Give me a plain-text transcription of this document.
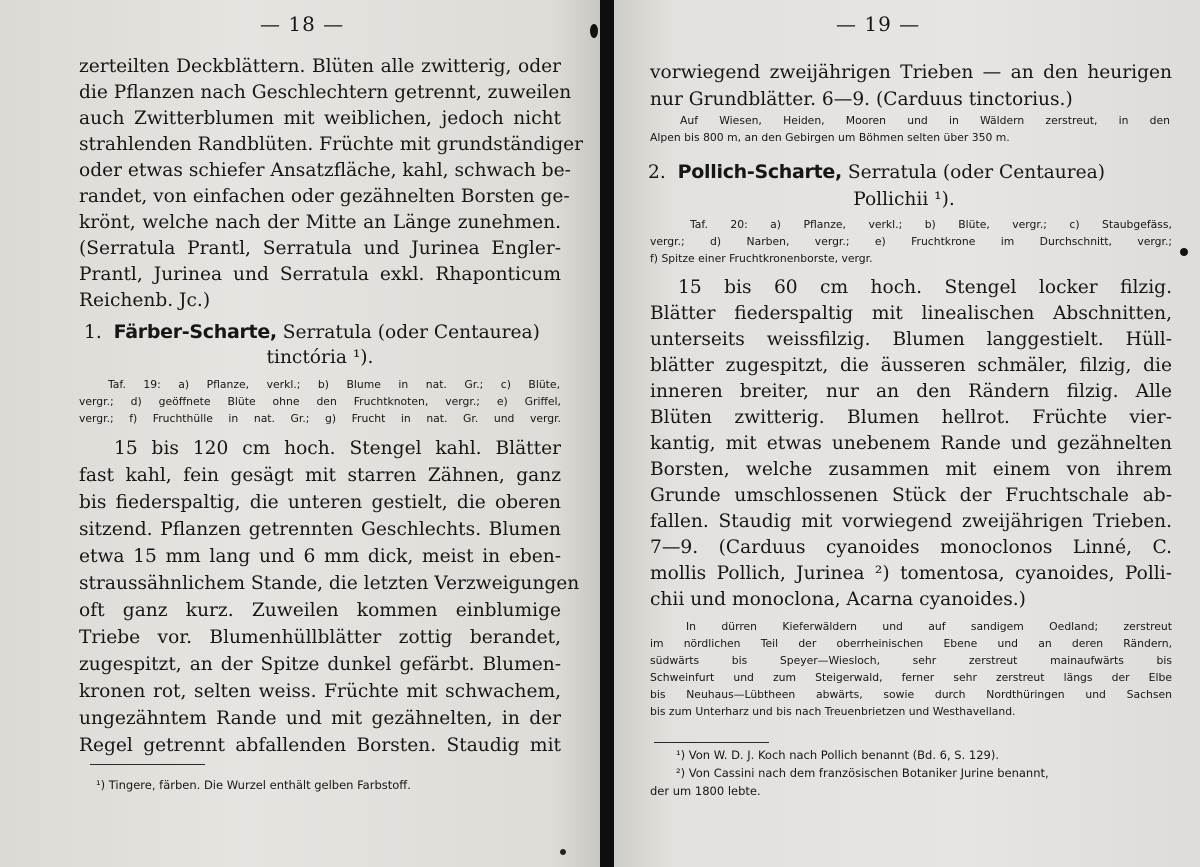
— 18 —
zerteilten Deckblättern. Blüten alle zwitterig, oder
die Pflanzen nach Geschlechtern getrennt, zuweilen
auch Zwitterblumen mit weiblichen, jedoch nicht
strahlenden Randblüten. Früchte mit grundständiger
oder etwas schiefer Ansatzfläche, kahl, schwach be-
randet, von einfachen oder gezähnelten Borsten ge-
krönt, welche nach der Mitte an Länge zunehmen.
(Serratula Prantl, Serratula und Jurinea Engler-
Prantl, Jurinea und Serratula exkl. Rhaponticum
Reichenb. Jc.)
1. Färber-Scharte, Serratula (oder Centaurea)
tinctória ¹).
Taf. 19: a) Pflanze, verkl.; b) Blume in nat. Gr.; c) Blüte,
vergr.; d) geöffnete Blüte ohne den Fruchtknoten, vergr.; e) Griffel,
vergr.; f) Fruchthülle in nat. Gr.; g) Frucht in nat. Gr. und vergr.
15 bis 120 cm hoch. Stengel kahl. Blätter
fast kahl, fein gesägt mit starren Zähnen, ganz
bis fiederspaltig, die unteren gestielt, die oberen
sitzend. Pflanzen getrennten Geschlechts. Blumen
etwa 15 mm lang und 6 mm dick, meist in eben-
straussähnlichem Stande, die letzten Verzweigungen
oft ganz kurz. Zuweilen kommen einblumige
Triebe vor. Blumenhüllblätter zottig berandet,
zugespitzt, an der Spitze dunkel gefärbt. Blumen-
kronen rot, selten weiss. Früchte mit schwachem,
ungezähntem Rande und mit gezähnelten, in der
Regel getrennt abfallenden Borsten. Staudig mit
¹) Tingere, färben. Die Wurzel enthält gelben Farbstoff.
— 19 —
vorwiegend zweijährigen Trieben — an den heurigen
nur Grundblätter. 6—9. (Carduus tinctorius.)
Auf Wiesen, Heiden, Mooren und in Wäldern zerstreut, in den
Alpen bis 800 m, an den Gebirgen um Böhmen selten über 350 m.
2. Pollich-Scharte, Serratula (oder Centaurea)
Pollichii ¹).
Taf. 20: a) Pflanze, verkl.; b) Blüte, vergr.; c) Staubgefäss,
vergr.; d) Narben, vergr.; e) Fruchtkrone im Durchschnitt, vergr.;
f) Spitze einer Fruchtkronenborste, vergr.
15 bis 60 cm hoch. Stengel locker filzig.
Blätter fiederspaltig mit linealischen Abschnitten,
unterseits weissfilzig. Blumen langgestielt. Hüll-
blätter zugespitzt, die äusseren schmäler, filzig, die
inneren breiter, nur an den Rändern filzig. Alle
Blüten zwitterig. Blumen hellrot. Früchte vier-
kantig, mit etwas unebenem Rande und gezähnelten
Borsten, welche zusammen mit einem von ihrem
Grunde umschlossenen Stück der Fruchtschale ab-
fallen. Staudig mit vorwiegend zweijährigen Trieben.
7—9. (Carduus cyanoides monoclonos Linné, C.
mollis Pollich, Jurinea ²) tomentosa, cyanoides, Polli-
chii und monoclona, Acarna cyanoides.)
In dürren Kieferwäldern und auf sandigem Oedland; zerstreut
im nördlichen Teil der oberrheinischen Ebene und an deren Rändern,
südwärts bis Speyer—Wiesloch, sehr zerstreut mainaufwärts bis
Schweinfurt und zum Steigerwald, ferner sehr zerstreut längs der Elbe
bis Neuhaus—Lübtheen abwärts, sowie durch Nordthüringen und Sachsen
bis zum Unterharz und bis nach Treuenbrietzen und Westhavelland.
¹) Von W. D. J. Koch nach Pollich benannt (Bd. 6, S. 129).
²) Von Cassini nach dem französischen Botaniker Jurine benannt,
der um 1800 lebte.
